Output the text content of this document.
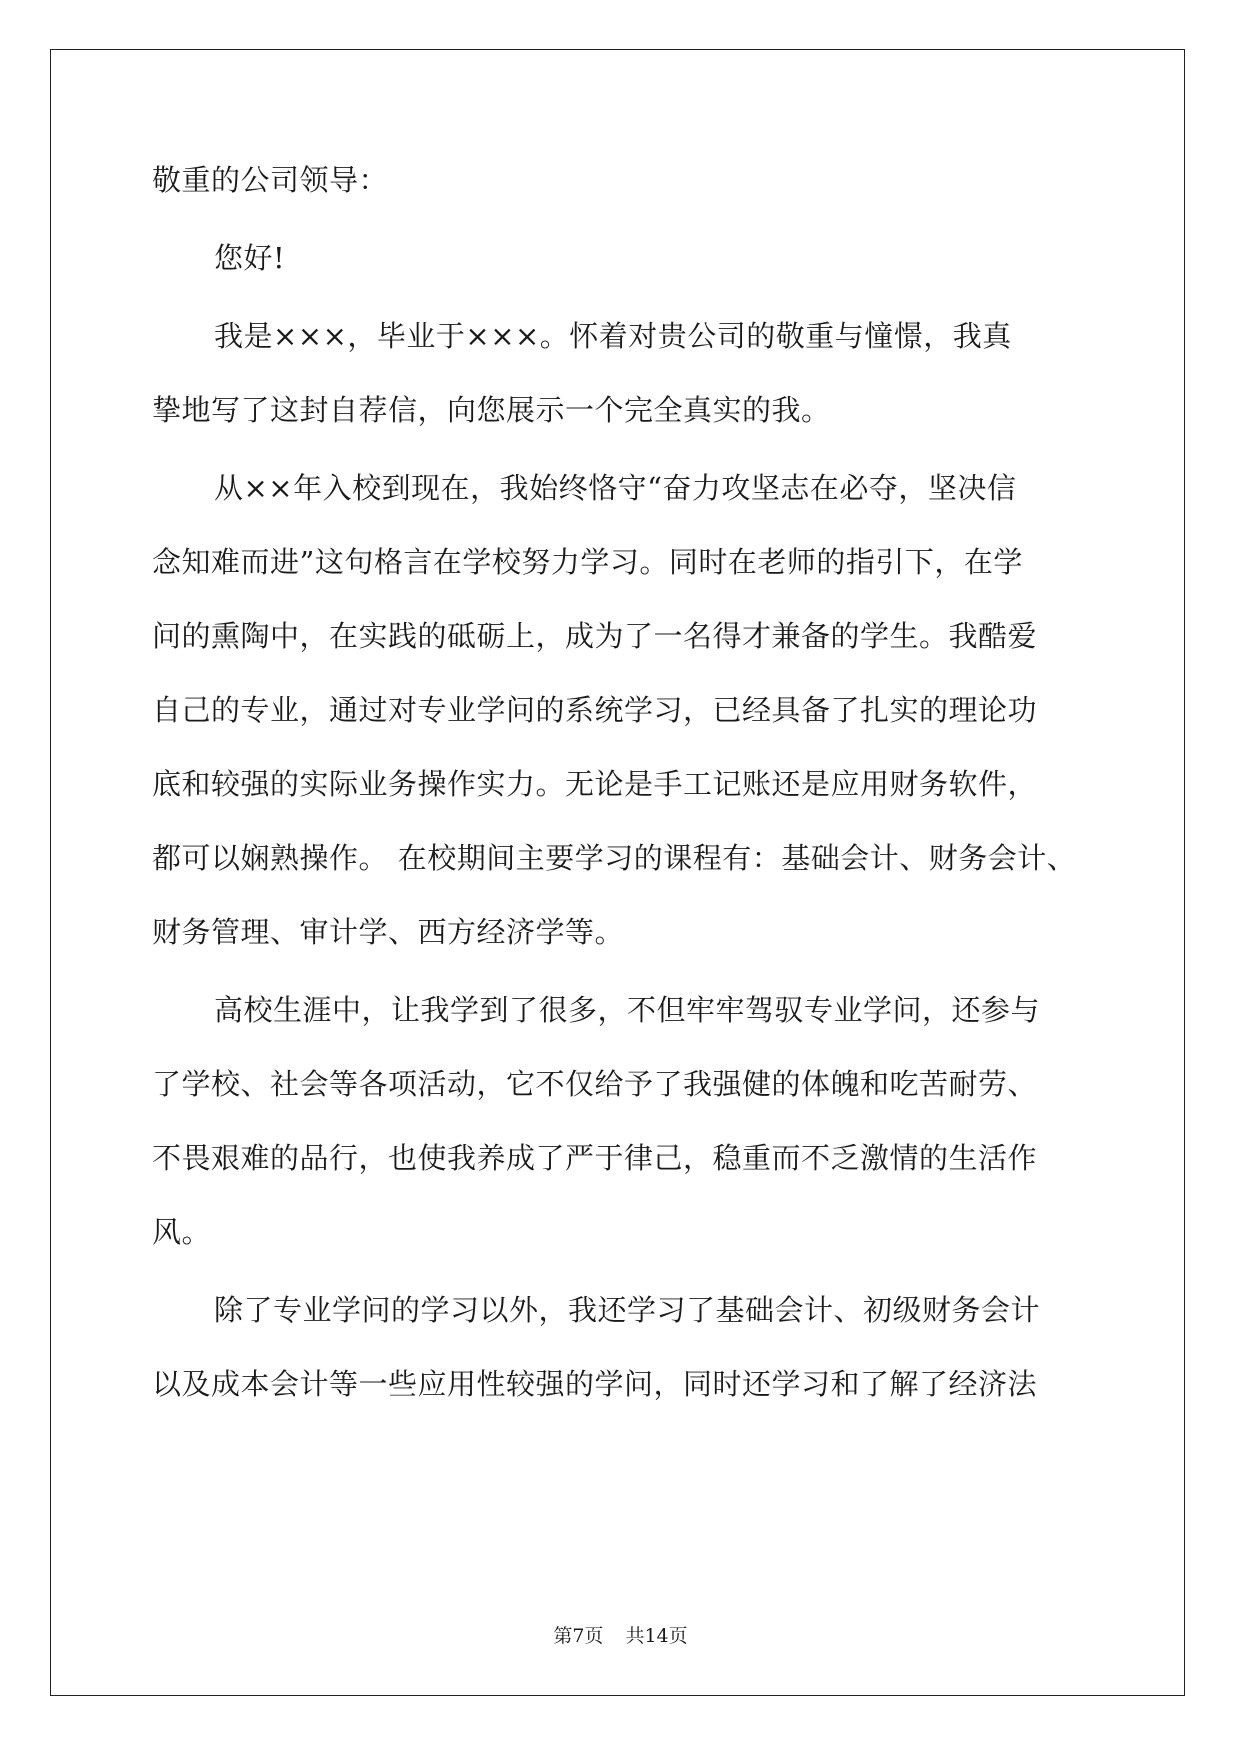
敬重的公司领导：

您好!

我是×××，毕业于×××。怀着对贵公司的敬重与憧憬，我真

挚地写了这封自荐信，向您展示一个完全真实的我。

从××年入校到现在，我始终恪守“奋力攻坚志在必夺，坚决信

念知难而进”这句格言在学校努力学习。同时在老师的指引下，在学

问的熏陶中，在实践的砥砺上，成为了一名得才兼备的学生。我酷爱

自己的专业，通过对专业学问的系统学习，已经具备了扎实的理论功

底和较强的实际业务操作实力。无论是手工记账还是应用财务软件，

都可以娴熟操作。 在校期间主要学习的课程有：基础会计、财务会计、

财务管理、审计学、西方经济学等。

高校生涯中，让我学到了很多，不但牢牢驾驭专业学问，还参与

了学校、社会等各项活动，它不仅给予了我强健的体魄和吃苦耐劳、

不畏艰难的品行，也使我养成了严于律己，稳重而不乏激情的生活作

风。

除了专业学问的学习以外，我还学习了基础会计、初级财务会计

以及成本会计等一些应用性较强的学问，同时还学习和了解了经济法

第7页 共14页
